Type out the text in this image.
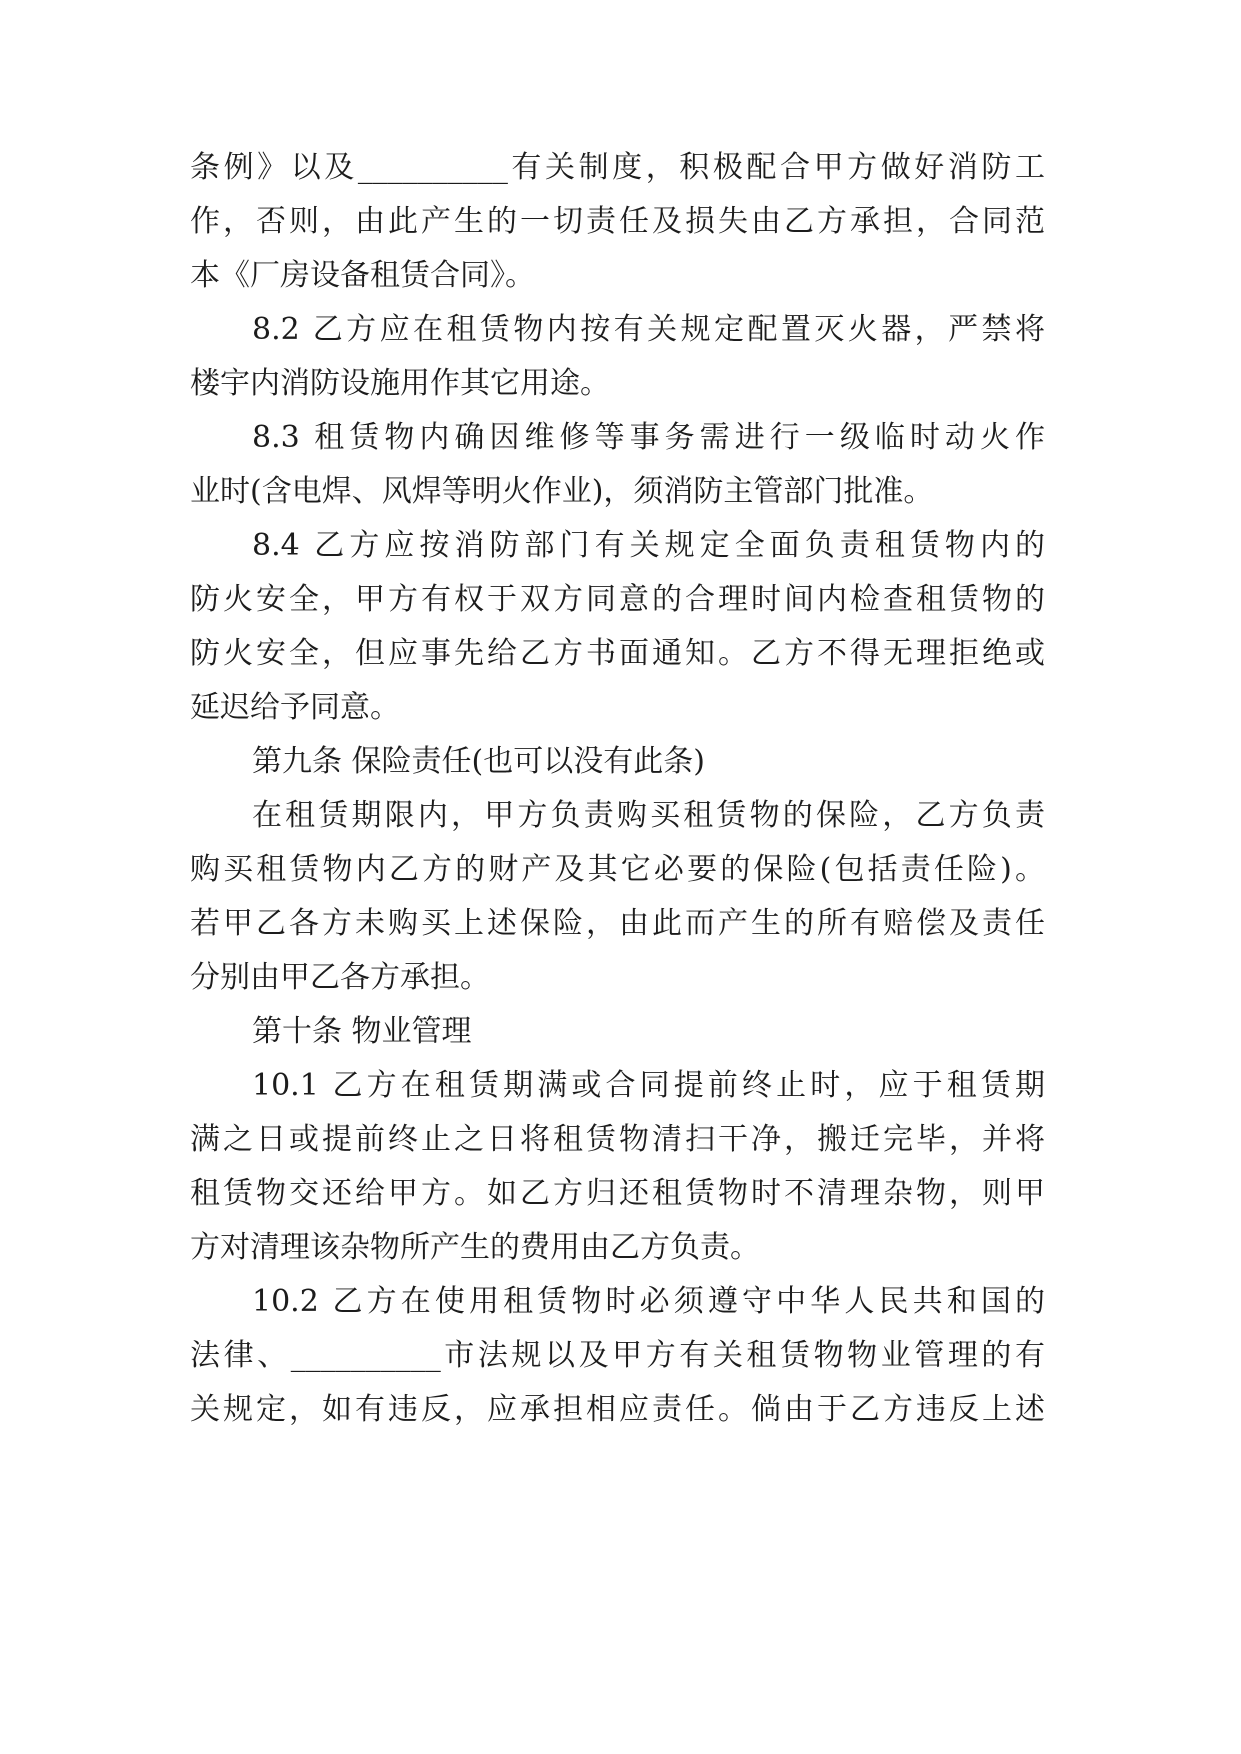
条例》以及__________有关制度，积极配合甲方做好消防工
作，否则，由此产生的一切责任及损失由乙方承担，合同范
本《厂房设备租赁合同》。
8.2 乙方应在租赁物内按有关规定配置灭火器，严禁将
楼宇内消防设施用作其它用途。
8.3 租赁物内确因维修等事务需进行一级临时动火作
业时(含电焊、风焊等明火作业)，须消防主管部门批准。
8.4 乙方应按消防部门有关规定全面负责租赁物内的
防火安全，甲方有权于双方同意的合理时间内检查租赁物的
防火安全，但应事先给乙方书面通知。乙方不得无理拒绝或
延迟给予同意。
第九条 保险责任(也可以没有此条)
在租赁期限内，甲方负责购买租赁物的保险，乙方负责
购买租赁物内乙方的财产及其它必要的保险(包括责任险)。
若甲乙各方未购买上述保险，由此而产生的所有赔偿及责任
分别由甲乙各方承担。
第十条 物业管理
10.1 乙方在租赁期满或合同提前终止时，应于租赁期
满之日或提前终止之日将租赁物清扫干净，搬迁完毕，并将
租赁物交还给甲方。如乙方归还租赁物时不清理杂物，则甲
方对清理该杂物所产生的费用由乙方负责。
10.2 乙方在使用租赁物时必须遵守中华人民共和国的
法律、__________市法规以及甲方有关租赁物物业管理的有
关规定，如有违反，应承担相应责任。倘由于乙方违反上述
